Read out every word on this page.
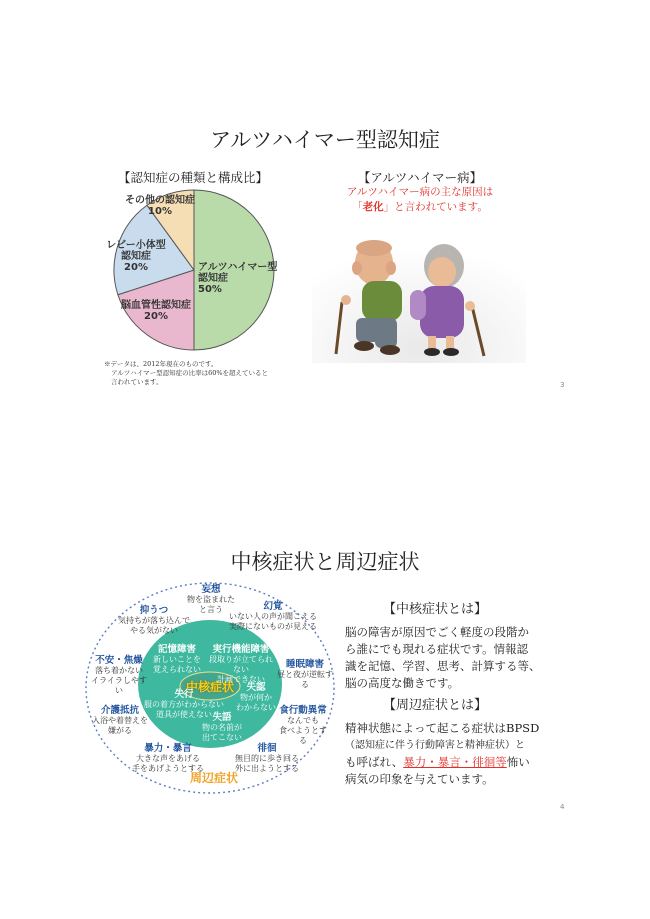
アルツハイマー型認知症
【認知症の種類と構成比】
アルツハイマー型
認知症
50%
脳血管性認知症
20%
レビー小体型
認知症
20%
その他の認知症
10%
※データは、2012年現在のものです。
アルツハイマー型認知症の比率は60%を超えていると
言われています。
【アルツハイマー病】
アルツハイマー病の主な原因は
「老化」と言われています。
3
中核症状と周辺症状
中核症状
記憶障害
新しいことを
覚えられない
実行機能障害
段取りが立てられない
計画できない
失行
服の着方がわからない
道具が使えない
失認
物が何か
わからない
失語
物の名前が
出てこない
妄想
物を盗まれた
と言う	幻覚
いない人の声が聞こえる
実際にないものが見える
睡眠障害
昼と夜が逆転する
食行動異常
なんでも
食べようとする
徘徊
無目的に歩き回る
外に出ようとする
暴力・暴言
大きな声をあげる
手をあげようとする
介護抵抗
入浴や着替えを
嫌がる
不安・焦燥
落ち着かない
イライラしやすい
抑うつ
気持ちが落ち込んで
やる気がない
周辺症状
【中核症状とは】
脳の障害が原因でごく軽度の段階か
ら誰にでも現れる症状です。情報認
識を記憶、学習、思考、計算する等、
脳の高度な働きです。
【周辺症状とは】
精神状態によって起こる症状はBPSD
（認知症に伴う行動障害と精神症状）と
も呼ばれ、暴力・暴言・徘徊等怖い
病気の印象を与えています。
4
